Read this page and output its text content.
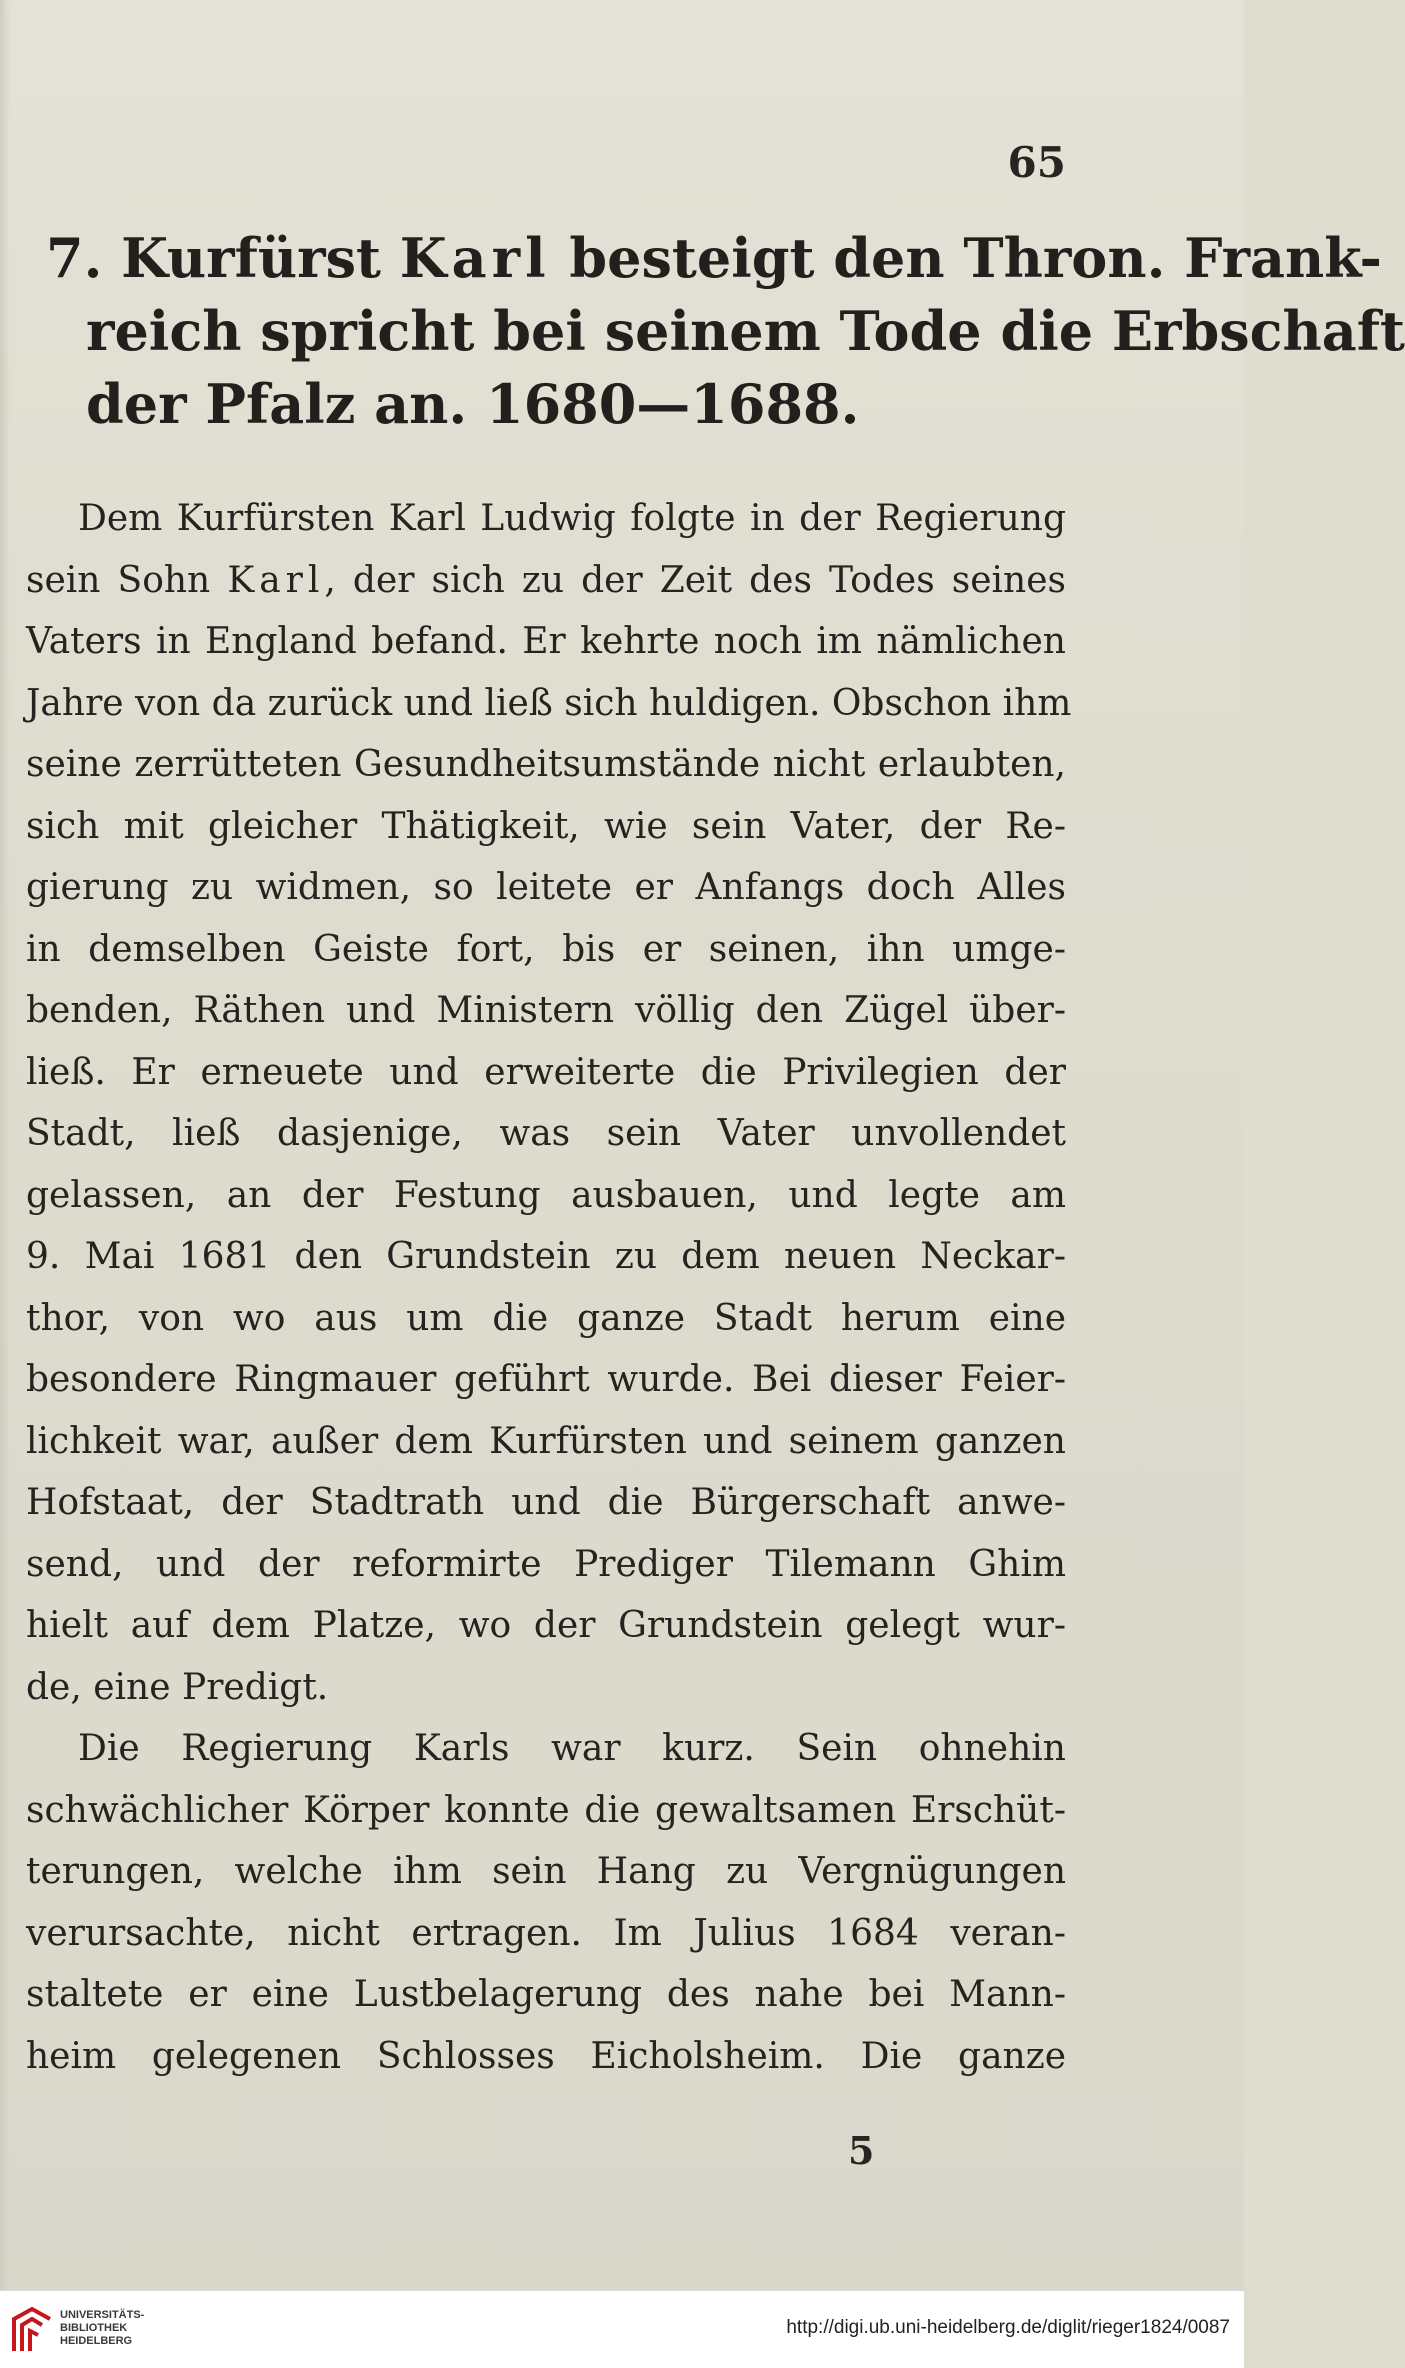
65
7. Kurfürst Karl besteigt den Thron. Frank-
reich spricht bei seinem Tode die Erbschaft
der Pfalz an. 1680—1688.
Dem Kurfürsten Karl Ludwig folgte in der Regierung
sein Sohn Karl, der sich zu der Zeit des Todes seines
Vaters in England befand. Er kehrte noch im nämlichen
Jahre von da zurück und ließ sich huldigen. Obschon ihm
seine zerrütteten Gesundheitsumstände nicht erlaubten,
sich mit gleicher Thätigkeit, wie sein Vater, der Re-
gierung zu widmen, so leitete er Anfangs doch Alles
in demselben Geiste fort, bis er seinen, ihn umge-
benden, Räthen und Ministern völlig den Zügel über-
ließ. Er erneuete und erweiterte die Privilegien der
Stadt, ließ dasjenige, was sein Vater unvollendet
gelassen, an der Festung ausbauen, und legte am
9. Mai 1681 den Grundstein zu dem neuen Neckar-
thor, von wo aus um die ganze Stadt herum eine
besondere Ringmauer geführt wurde. Bei dieser Feier-
lichkeit war, außer dem Kurfürsten und seinem ganzen
Hofstaat, der Stadtrath und die Bürgerschaft anwe-
send, und der reformirte Prediger Tilemann Ghim
hielt auf dem Platze, wo der Grundstein gelegt wur-
de, eine Predigt.
Die Regierung Karls war kurz. Sein ohnehin
schwächlicher Körper konnte die gewaltsamen Erschüt-
terungen, welche ihm sein Hang zu Vergnügungen
verursachte, nicht ertragen. Im Julius 1684 veran-
staltete er eine Lustbelagerung des nahe bei Mann-
heim gelegenen Schlosses Eicholsheim. Die ganze
5
UNIVERSITÄTS-
BIBLIOTHEK
HEIDELBERG
http://digi.ub.uni-heidelberg.de/diglit/rieger1824/0087
